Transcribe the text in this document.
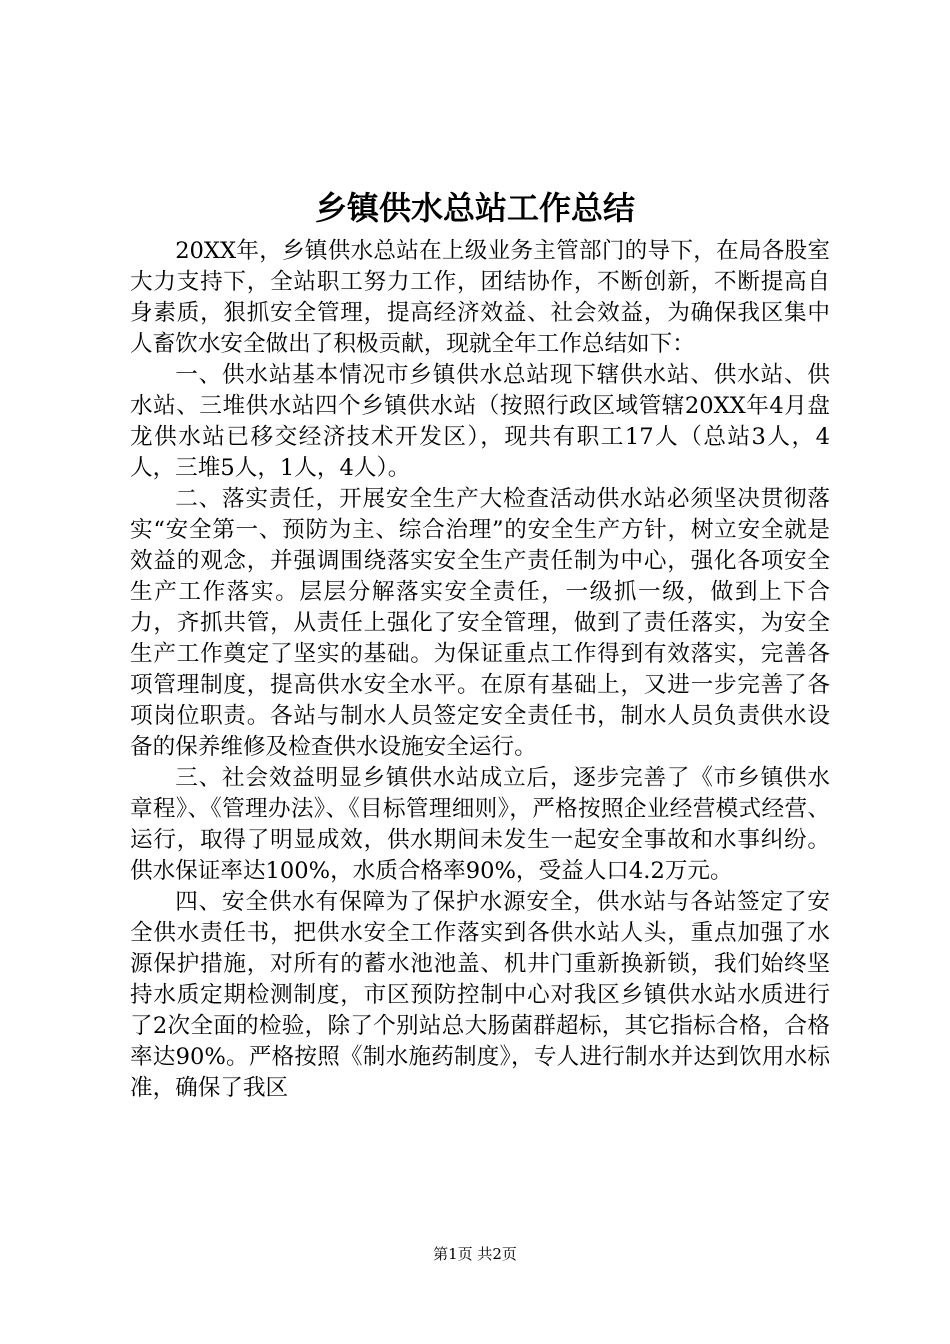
乡镇供水总站工作总结

20XX年，乡镇供水总站在上级业务主管部门的导下，在局各股室大力支持下，全站职工努力工作，团结协作，不断创新，不断提高自身素质，狠抓安全管理，提高经济效益、社会效益，为确保我区集中人畜饮水安全做出了积极贡献，现就全年工作总结如下：

一、供水站基本情况市乡镇供水总站现下辖供水站、供水站、供水站、三堆供水站四个乡镇供水站（按照行政区域管辖20XX年4月盘龙供水站已移交经济技术开发区），现共有职工17人（总站3人，4人，三堆5人，1人，4人）。

二、落实责任，开展安全生产大检查活动供水站必须坚决贯彻落实“安全第一、预防为主、综合治理”的安全生产方针，树立安全就是效益的观念，并强调围绕落实安全生产责任制为中心，强化各项安全生产工作落实。层层分解落实安全责任，一级抓一级，做到上下合力，齐抓共管，从责任上强化了安全管理，做到了责任落实，为安全生产工作奠定了坚实的基础。为保证重点工作得到有效落实，完善各项管理制度，提高供水安全水平。在原有基础上，又进一步完善了各项岗位职责。各站与制水人员签定安全责任书，制水人员负责供水设备的保养维修及检查供水设施安全运行。

三、社会效益明显乡镇供水站成立后，逐步完善了《市乡镇供水章程》、《管理办法》、《目标管理细则》，严格按照企业经营模式经营、运行，取得了明显成效，供水期间未发生一起安全事故和水事纠纷。供水保证率达100%，水质合格率90%，受益人口4.2万元。

四、安全供水有保障为了保护水源安全，供水站与各站签定了安全供水责任书，把供水安全工作落实到各供水站人头，重点加强了水源保护措施，对所有的蓄水池池盖、机井门重新换新锁，我们始终坚持水质定期检测制度，市区预防控制中心对我区乡镇供水站水质进行了2次全面的检验，除了个别站总大肠菌群超标，其它指标合格，合格率达90%。严格按照《制水施药制度》，专人进行制水并达到饮用水标准，确保了我区

第1页 共2页
